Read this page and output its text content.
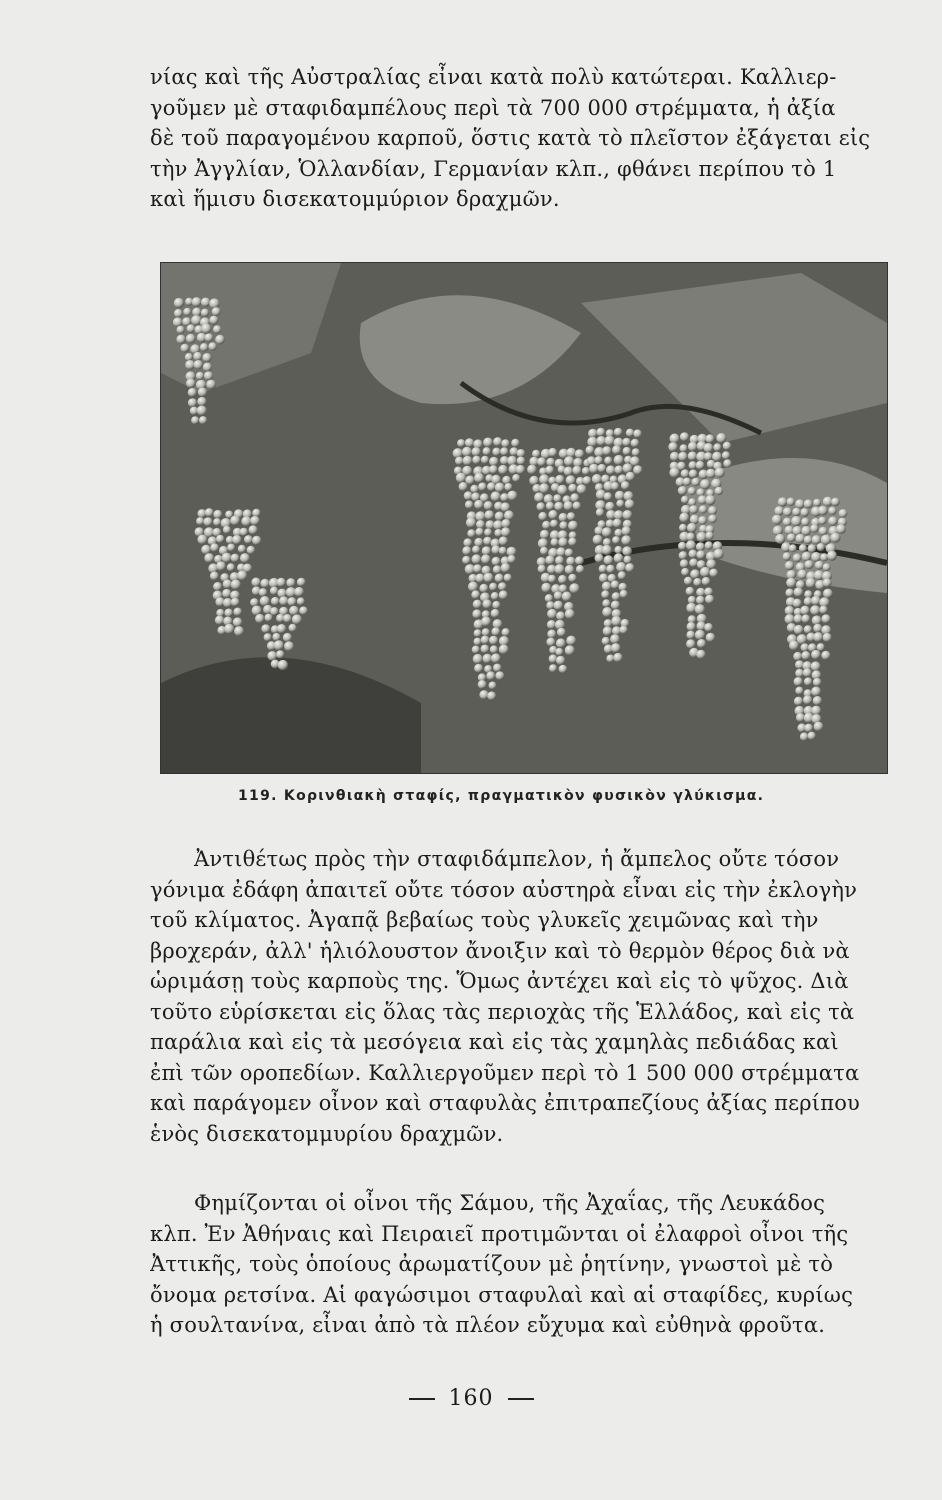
νίας καὶ τῆς Αὐστραλίας εἶναι κατὰ πολὺ κατώτεραι. Καλλιερ-
γοῦμεν μὲ σταφιδαμπέλους περὶ τὰ 700 000 στρέμματα, ἡ ἀξία
δὲ τοῦ παραγομένου καρποῦ, ὅστις κατὰ τὸ πλεῖστον ἐξάγεται εἰς
τὴν Ἀγγλίαν, Ὁλλανδίαν, Γερμανίαν κλπ., φθάνει περίπου τὸ 1
καὶ ἥμισυ δισεκατομμύριον δραχμῶν.
119. Κορινθιακὴ σταφίς, πραγματικὸν φυσικὸν γλύκισμα.
Ἀντιθέτως πρὸς τὴν σταφιδάμπελον, ἡ ἄμπελος οὔτε τόσον
γόνιμα ἐδάφη ἀπαιτεῖ οὔτε τόσον αὐστηρὰ εἶναι εἰς τὴν ἐκλογὴν
τοῦ κλίματος. Ἀγαπᾷ βεβαίως τοὺς γλυκεῖς χειμῶνας καὶ τὴν
βροχεράν, ἀλλ' ἡλιόλουστον ἄνοιξιν καὶ τὸ θερμὸν θέρος διὰ νὰ
ὡριμάσῃ τοὺς καρποὺς της. Ὅμως ἀντέχει καὶ εἰς τὸ ψῦχος. Διὰ
τοῦτο εὑρίσκεται εἰς ὅλας τὰς περιοχὰς τῆς Ἑλλάδος, καὶ εἰς τὰ
παράλια καὶ εἰς τὰ μεσόγεια καὶ εἰς τὰς χαμηλὰς πεδιάδας καὶ
ἐπὶ τῶν οροπεδίων. Καλλιεργοῦμεν περὶ τὸ 1 500 000 στρέμματα
καὶ παράγομεν οἶνον καὶ σταφυλὰς ἐπιτραπεζίους ἀξίας περίπου
ἑνὸς δισεκατομμυρίου δραχμῶν.
Φημίζονται οἱ οἶνοι τῆς Σάμου, τῆς Ἀχαΐας, τῆς Λευκάδος
κλπ. Ἐν Ἀθήναις καὶ Πειραιεῖ προτιμῶνται οἱ ἐλαφροὶ οἶνοι τῆς
Ἀττικῆς, τοὺς ὁποίους ἀρωματίζουν μὲ ῥητίνην, γνωστοὶ μὲ τὸ
ὄνομα ρετσίνα. Αἱ φαγώσιμοι σταφυλαὶ καὶ αἱ σταφίδες, κυρίως
ἡ σουλτανίνα, εἶναι ἀπὸ τὰ πλέον εὔχυμα καὶ εὐθηνὰ φροῦτα.
160
